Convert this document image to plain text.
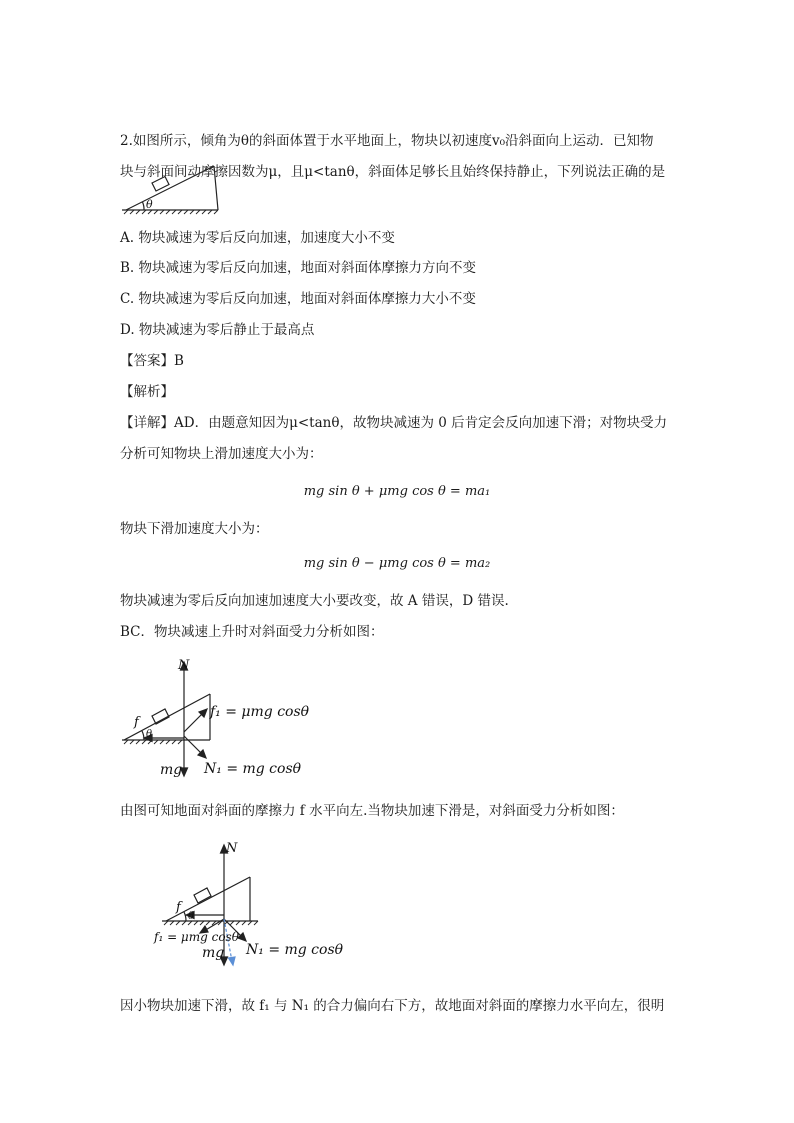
2.如图所示，倾角为θ的斜面体置于水平地面上，物块以初速度v₀沿斜面向上运动．已知物
块与斜面间动摩擦因数为μ，且μ<tanθ，斜面体足够长且始终保持静止，下列说法正确的是
θ
A. 物块减速为零后反向加速，加速度大小不变
B. 物块减速为零后反向加速，地面对斜面体摩擦力方向不变
C. 物块减速为零后反向加速，地面对斜面体摩擦力大小不变
D. 物块减速为零后静止于最高点
【答案】B
【解析】
【详解】AD．由题意知因为μ<tanθ，故物块减速为 0 后肯定会反向加速下滑；对物块受力
分析可知物块上滑加速度大小为：
mg sin θ + μmg cos θ = ma₁
物块下滑加速度大小为：
mg sin θ − μmg cos θ = ma₂
物块减速为零后反向加速加速度大小要改变，故 A 错误，D 错误.
BC．物块减速上升时对斜面受力分析如图：
N
f
θ
f₁ = μmg cosθ
mg N₁ = mg cosθ
由图可知地面对斜面的摩擦力 f 水平向左.当物块加速下滑是，对斜面受力分析如图：
N
f
θ
f₁ = μmg cosθ
mg N₁ = mg cosθ
因小物块加速下滑，故 f₁ 与 N₁ 的合力偏向右下方，故地面对斜面的摩擦力水平向左，很明
